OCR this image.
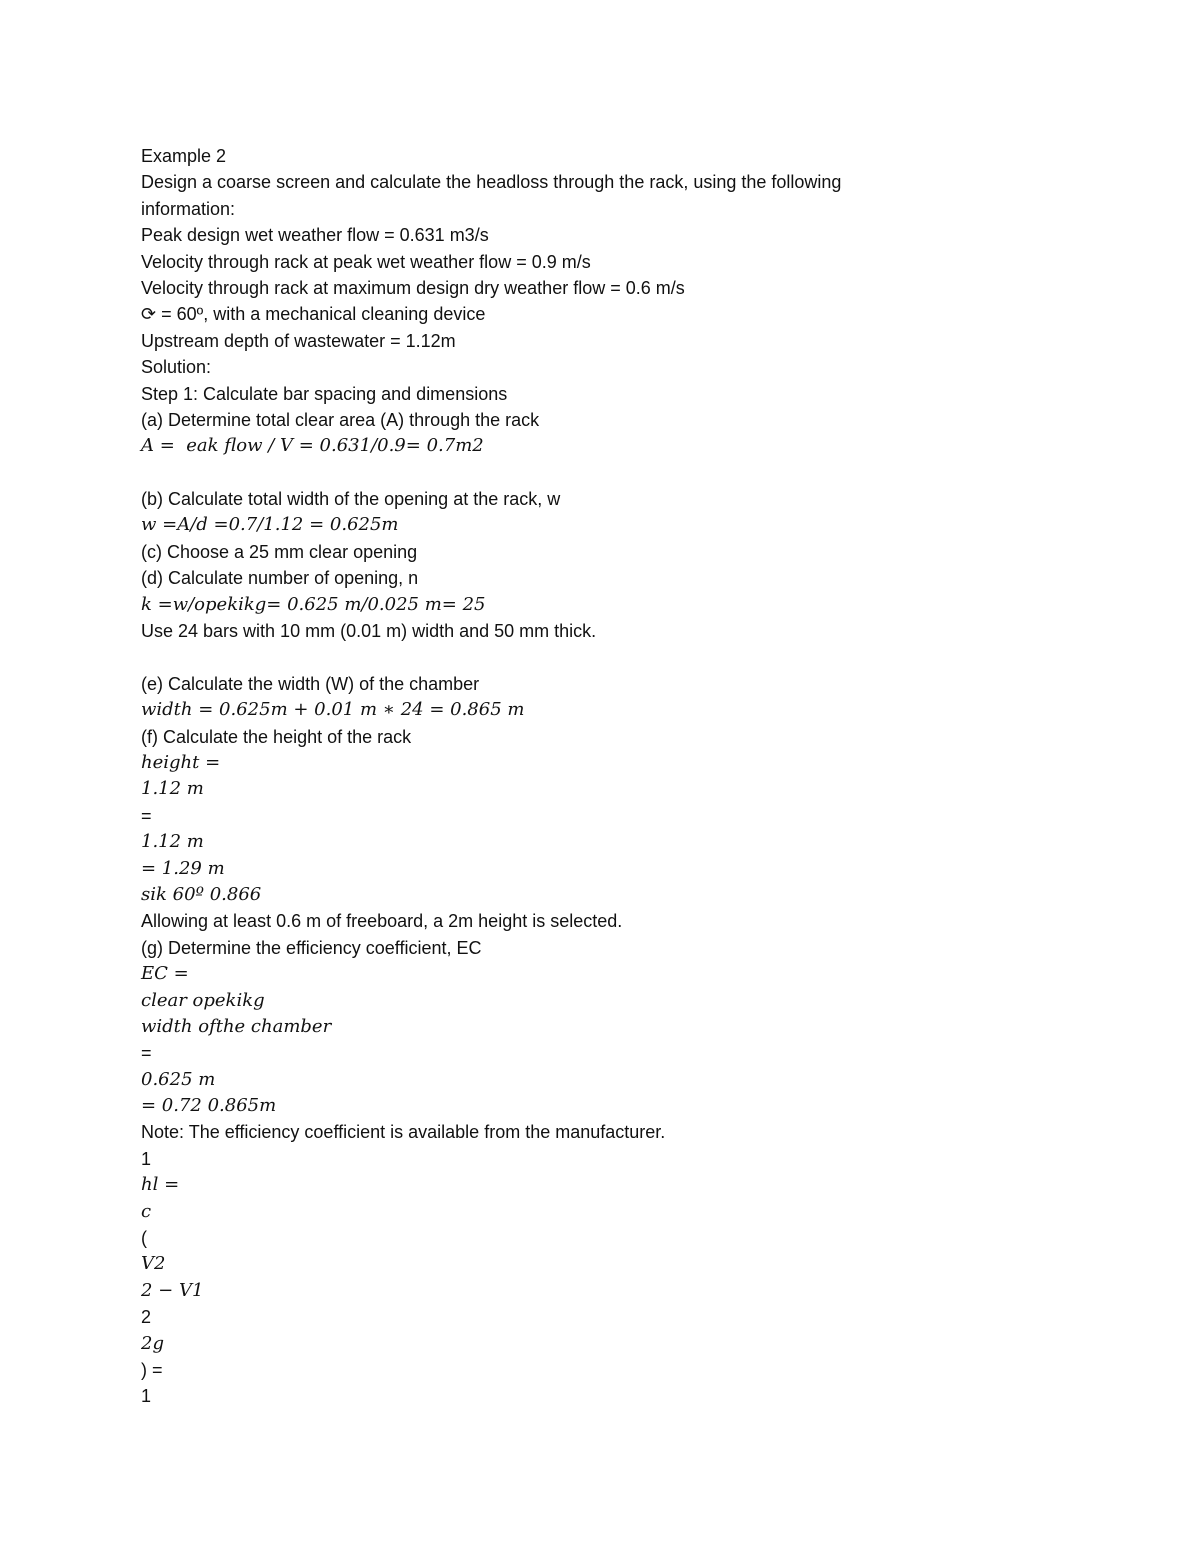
Example 2
Design a coarse screen and calculate the headloss through the rack, using the following
information:
Peak design wet weather flow = 0.631 m3/s
Velocity through rack at peak wet weather flow = 0.9 m/s
Velocity through rack at maximum design dry weather flow = 0.6 m/s
⟳ = 60º, with a mechanical cleaning device
Upstream depth of wastewater = 1.12m
Solution:
Step 1: Calculate bar spacing and dimensions
(a) Determine total clear area (A) through the rack
A =  eak flow / V = 0.631/0.9= 0.7m2
(b) Calculate total width of the opening at the rack, w
w =A/d =0.7/1.12 = 0.625m
(c) Choose a 25 mm clear opening
(d) Calculate number of opening, n
k =w/opekikg= 0.625 m/0.025 m= 25
Use 24 bars with 10 mm (0.01 m) width and 50 mm thick.
(e) Calculate the width (W) of the chamber
width = 0.625m + 0.01 m ∗ 24 = 0.865 m
(f) Calculate the height of the rack
height =
1.12 m
=
1.12 m
= 1.29 m
sik 60º 0.866
Allowing at least 0.6 m of freeboard, a 2m height is selected.
(g) Determine the efficiency coefficient, EC
EC =
clear opekikg
width ofthe chamber
=
0.625 m
= 0.72 0.865m
Note: The efficiency coefficient is available from the manufacturer.
1
hl =
c
(
V2
2 − V1
2
2g
) =
1
